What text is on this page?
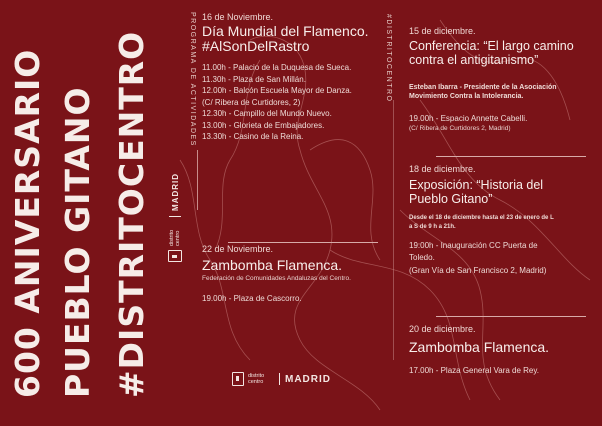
600 ANIVERSARIO PUEBLO GITANO #DISTRITOCENTRO	PROGRAMA DE ACTIVIDADES
distrito centro
MADRID
#DISTRITOCENTRO
16 de Noviembre.
Día Mundial del Flamenco.
#AlSonDelRastro
11.00h - Palacio de la Duquesa de Sueca.
11.30h - Plaza de San Millán.
12.00h - Balcón Escuela Mayor de Danza.
(C/ Ribera de Curtidores, 2)
12.30h - Campillo del Mundo Nuevo.
13.00h - Glorieta de Embajadores.
13.30h - Casino de la Reina.
22 de Noviembre.
Zambomba Flamenca.
Federación de Comunidades Andaluzas del Centro.
19.00h - Plaza de Cascorro.
distrito centro	MADRID
15 de diciembre.
Conferencia: “El largo camino
contra el antigitanismo”
Esteban Ibarra - Presidente de la Asociación
Movimiento Contra la Intolerancia.
19.00h - Espacio Annette Cabelli.
(C/ Ribera de Curtidores 2, Madrid)
18 de diciembre.
Exposición: “Historia del
Pueblo Gitano”
Desde el 18 de diciembre hasta el 23 de enero de L
a S de 9 h a 21h.
19:00h - Inauguración CC Puerta de
Toledo.
(Gran Vía de San Francisco 2, Madrid)
20 de diciembre.
Zambomba Flamenca.
17.00h - Plaza General Vara de Rey.
